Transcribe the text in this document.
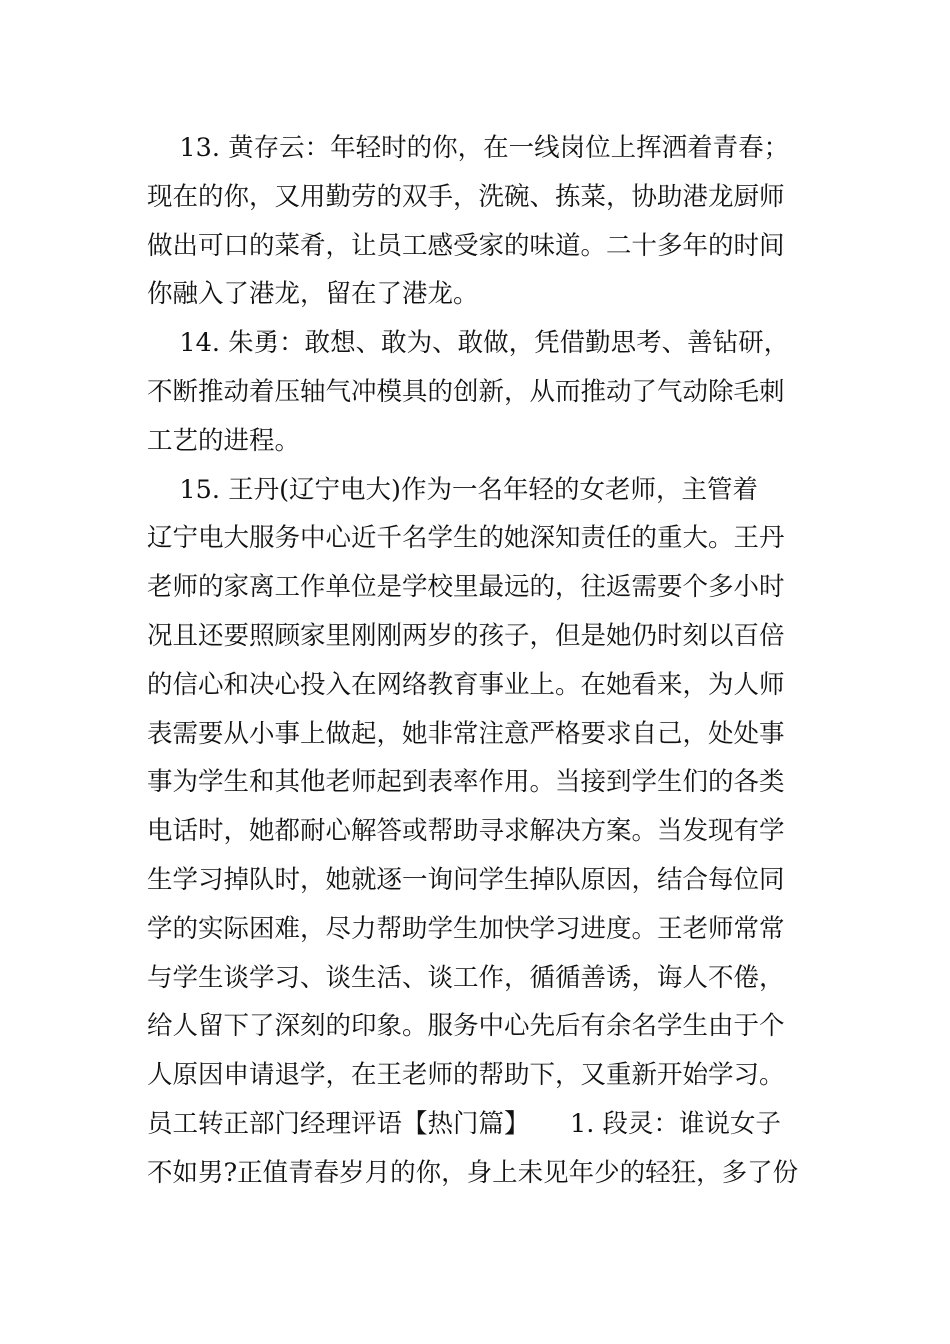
13. 黄存云：年轻时的你，在一线岗位上挥洒着青春；
现在的你，又用勤劳的双手，洗碗、拣菜，协助港龙厨师
做出可口的菜肴，让员工感受家的味道。二十多年的时间
你融入了港龙，留在了港龙。
14. 朱勇：敢想、敢为、敢做，凭借勤思考、善钻研，
不断推动着压轴气冲模具的创新，从而推动了气动除毛刺
工艺的进程。
15. 王丹(辽宁电大)作为一名年轻的女老师，主管着
辽宁电大服务中心近千名学生的她深知责任的重大。王丹
老师的家离工作单位是学校里最远的，往返需要个多小时
况且还要照顾家里刚刚两岁的孩子，但是她仍时刻以百倍
的信心和决心投入在网络教育事业上。在她看来，为人师
表需要从小事上做起，她非常注意严格要求自己，处处事
事为学生和其他老师起到表率作用。当接到学生们的各类
电话时，她都耐心解答或帮助寻求解决方案。当发现有学
生学习掉队时，她就逐一询问学生掉队原因，结合每位同
学的实际困难，尽力帮助学生加快学习进度。王老师常常
与学生谈学习、谈生活、谈工作，循循善诱，诲人不倦，
给人留下了深刻的印象。服务中心先后有余名学生由于个
人原因申请退学，在王老师的帮助下，又重新开始学习。
员工转正部门经理评语【热门篇】     1. 段灵：谁说女子
不如男?正值青春岁月的你，身上未见年少的轻狂，多了份
